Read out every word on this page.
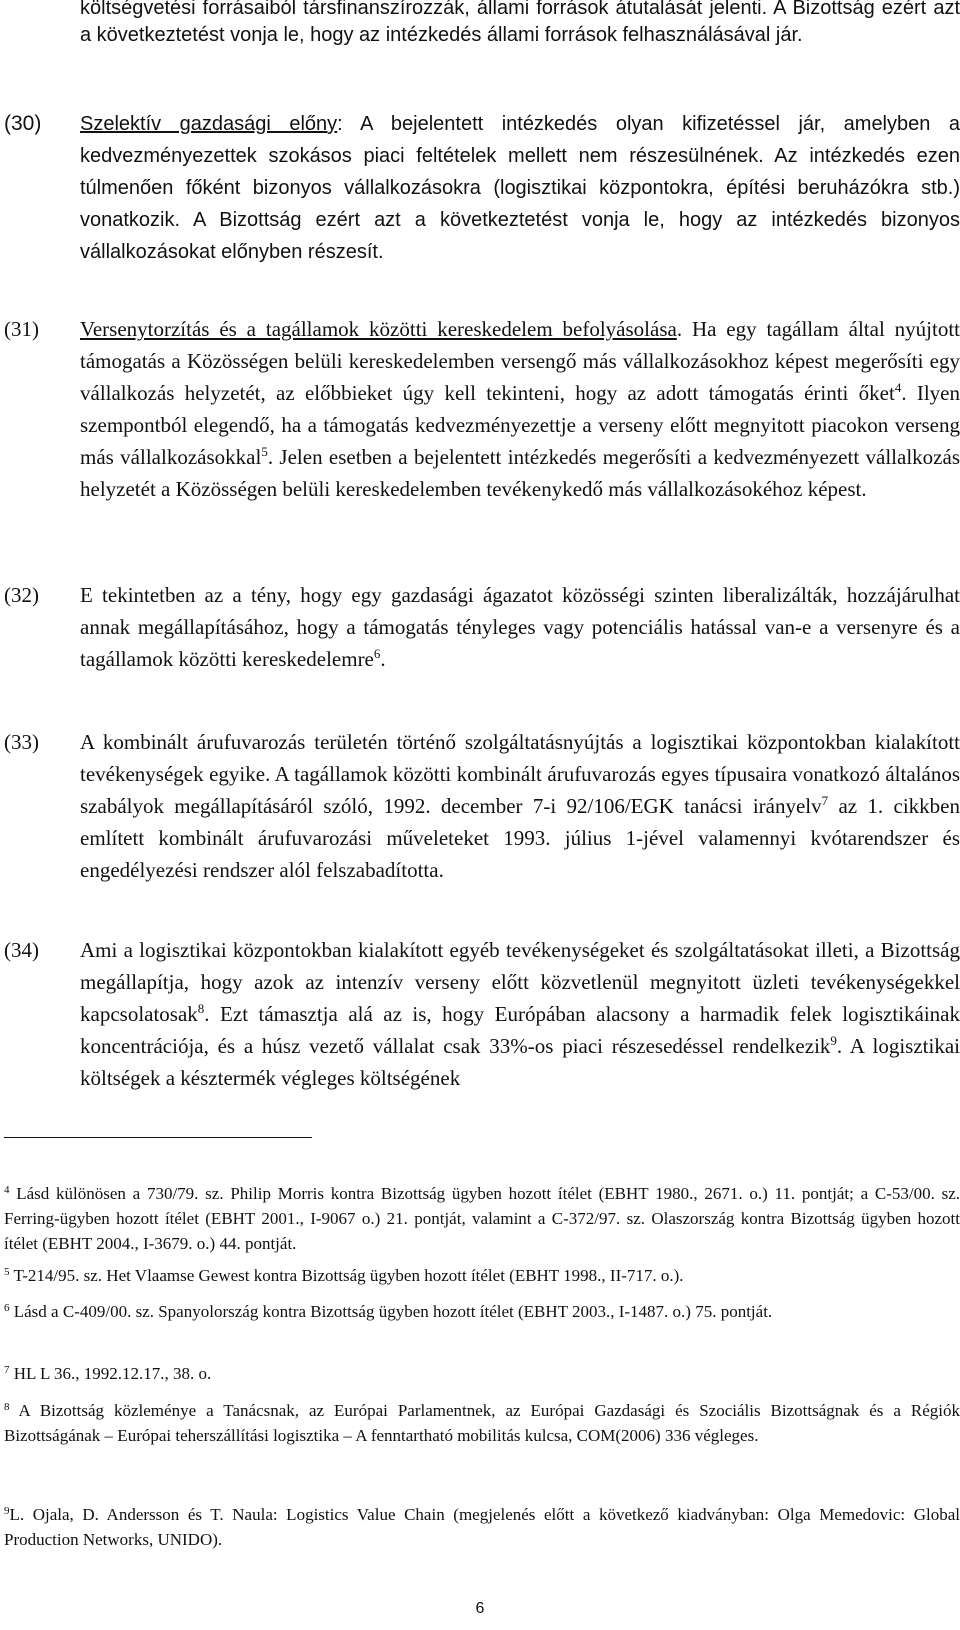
költségvetési forrásaiból társfinanszírozzák, állami források átutalását jelenti. A Bizottság ezért azt a következtetést vonja le, hogy az intézkedés állami források felhasználásával jár.
(30) Szelektív gazdasági előny: A bejelentett intézkedés olyan kifizetéssel jár, amelyben a kedvezményezettek szokásos piaci feltételek mellett nem részesülnének. Az intézkedés ezen túlmenően főként bizonyos vállalkozásokra (logisztikai központokra, építési beruházókra stb.) vonatkozik. A Bizottság ezért azt a következtetést vonja le, hogy az intézkedés bizonyos vállalkozásokat előnyben részesít.
(31) Versenytorzítás és a tagállamok közötti kereskedelem befolyásolása. Ha egy tagállam által nyújtott támogatás a Közösségen belüli kereskedelemben versengő más vállalkozásokhoz képest megerősíti egy vállalkozás helyzetét, az előbbieket úgy kell tekinteni, hogy az adott támogatás érinti őket$^4$. Ilyen szempontból elegendő, ha a támogatás kedvezményezettje a verseny előtt megnyitott piacokon verseng más vállalkozásokkal$^5$. Jelen esetben a bejelentett intézkedés megerősíti a kedvezményezett vállalkozás helyzetét a Közösségen belüli kereskedelemben tevékenykedő más vállalkozásokéhoz képest.
(32) E tekintetben az a tény, hogy egy gazdasági ágazatot közösségi szinten liberalizálták, hozzájárulhat annak megállapításához, hogy a támogatás tényleges vagy potenciális hatással van-e a versenyre és a tagállamok közötti kereskedelemre$^6$.
(33) A kombinált árufuvarozás területén történő szolgáltatásnyújtás a logisztikai központokban kialakított tevékenységek egyike. A tagállamok közötti kombinált árufuvarozás egyes típusaira vonatkozó általános szabályok megállapításáról szóló, 1992. december 7-i 92/106/EGK tanácsi irányelv$^7$ az 1. cikkben említett kombinált árufuvarozási műveleteket 1993. július 1-jével valamennyi kvótarendszer és engedélyezési rendszer alól felszabadította.
(34) Ami a logisztikai központokban kialakított egyéb tevékenységeket és szolgáltatásokat illeti, a Bizottság megállapítja, hogy azok az intenzív verseny előtt közvetlenül megnyitott üzleti tevékenységekkel kapcsolatosak$^8$. Ezt támasztja alá az is, hogy Európában alacsony a harmadik felek logisztikáinak koncentrációja, és a húsz vezető vállalat csak 33%-os piaci részesedéssel rendelkezik$^9$. A logisztikai költségek a késztermék végleges költségének
$^4$ Lásd különösen a 730/79. sz. Philip Morris kontra Bizottság ügyben hozott ítélet (EBHT 1980., 2671. o.) 11. pontját; a C-53/00. sz. Ferring-ügyben hozott ítélet (EBHT 2001., I-9067 o.) 21. pontját, valamint a C-372/97. sz. Olaszország kontra Bizottság ügyben hozott ítélet (EBHT 2004., I-3679. o.) 44. pontját.
$^5$ T-214/95. sz. Het Vlaamse Gewest kontra Bizottság ügyben hozott ítélet (EBHT 1998., II-717. o.).
$^6$ Lásd a C-409/00. sz. Spanyolország kontra Bizottság ügyben hozott ítélet (EBHT 2003., I-1487. o.) 75. pontját.
$^7$ HL L 36., 1992.12.17., 38. o.
$^8$ A Bizottság közleménye a Tanácsnak, az Európai Parlamentnek, az Európai Gazdasági és Szociális Bizottságnak és a Régiók Bizottságának – Európai teherszállítási logisztika – A fenntartható mobilitás kulcsa, COM(2006) 336 végleges.
$^9$L. Ojala, D. Andersson és T. Naula: Logistics Value Chain (megjelenés előtt a következő kiadványban: Olga Memedovic: Global Production Networks, UNIDO).
6
